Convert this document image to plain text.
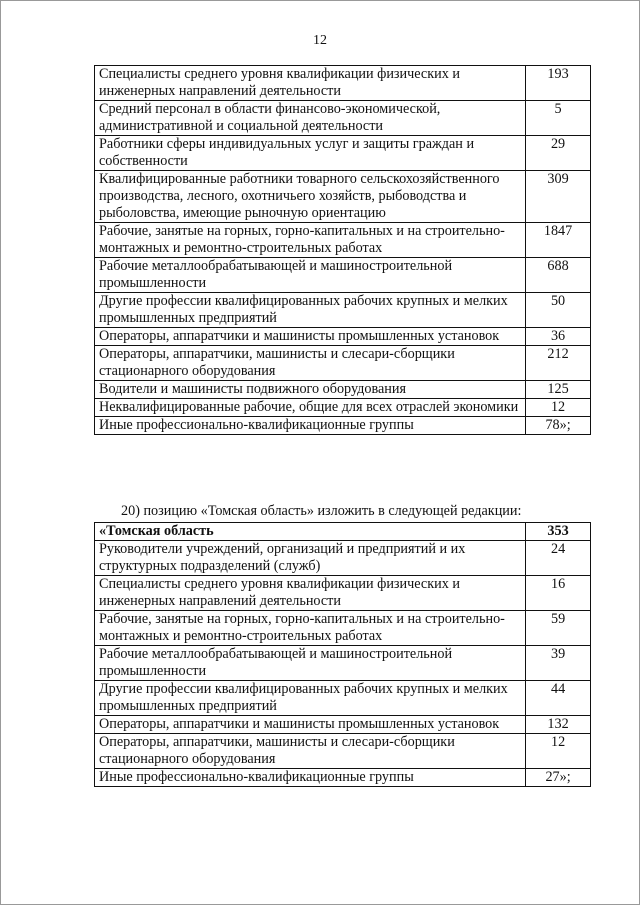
12
Специалисты среднего уровня квалификации физических и инженерных направлений деятельности	193
Средний персонал в области финансово-экономической, административной и социальной деятельности	5
Работники сферы индивидуальных услуг и защиты граждан и собственности	29
Квалифицированные работники товарного сельскохозяйственного производства, лесного, охотничьего хозяйств, рыбоводства и рыболовства, имеющие рыночную ориентацию	309
Рабочие, занятые на горных, горно-капитальных и на строительно-монтажных и ремонтно-строительных работах	1847
Рабочие металлообрабатывающей и машиностроительной промышленности	688
Другие профессии квалифицированных рабочих крупных и мелких промышленных предприятий	50
Операторы, аппаратчики и машинисты промышленных установок	36
Операторы, аппаратчики, машинисты и слесари-сборщики стационарного оборудования	212
Водители и машинисты подвижного оборудования	125
Неквалифицированные рабочие, общие для всех отраслей экономики	12
Иные профессионально-квалификационные группы	78»;
20) позицию «Томская область» изложить в следующей редакции:
«Томская область	353
Руководители учреждений, организаций и предприятий и их структурных подразделений (служб)	24
Специалисты среднего уровня квалификации физических и инженерных направлений деятельности	16
Рабочие, занятые на горных, горно-капитальных и на строительно-монтажных и ремонтно-строительных работах	59
Рабочие металлообрабатывающей и машиностроительной промышленности	39
Другие профессии квалифицированных рабочих крупных и мелких промышленных предприятий	44
Операторы, аппаратчики и машинисты промышленных установок	132
Операторы, аппаратчики, машинисты и слесари-сборщики стационарного оборудования	12
Иные профессионально-квалификационные группы	27»;
